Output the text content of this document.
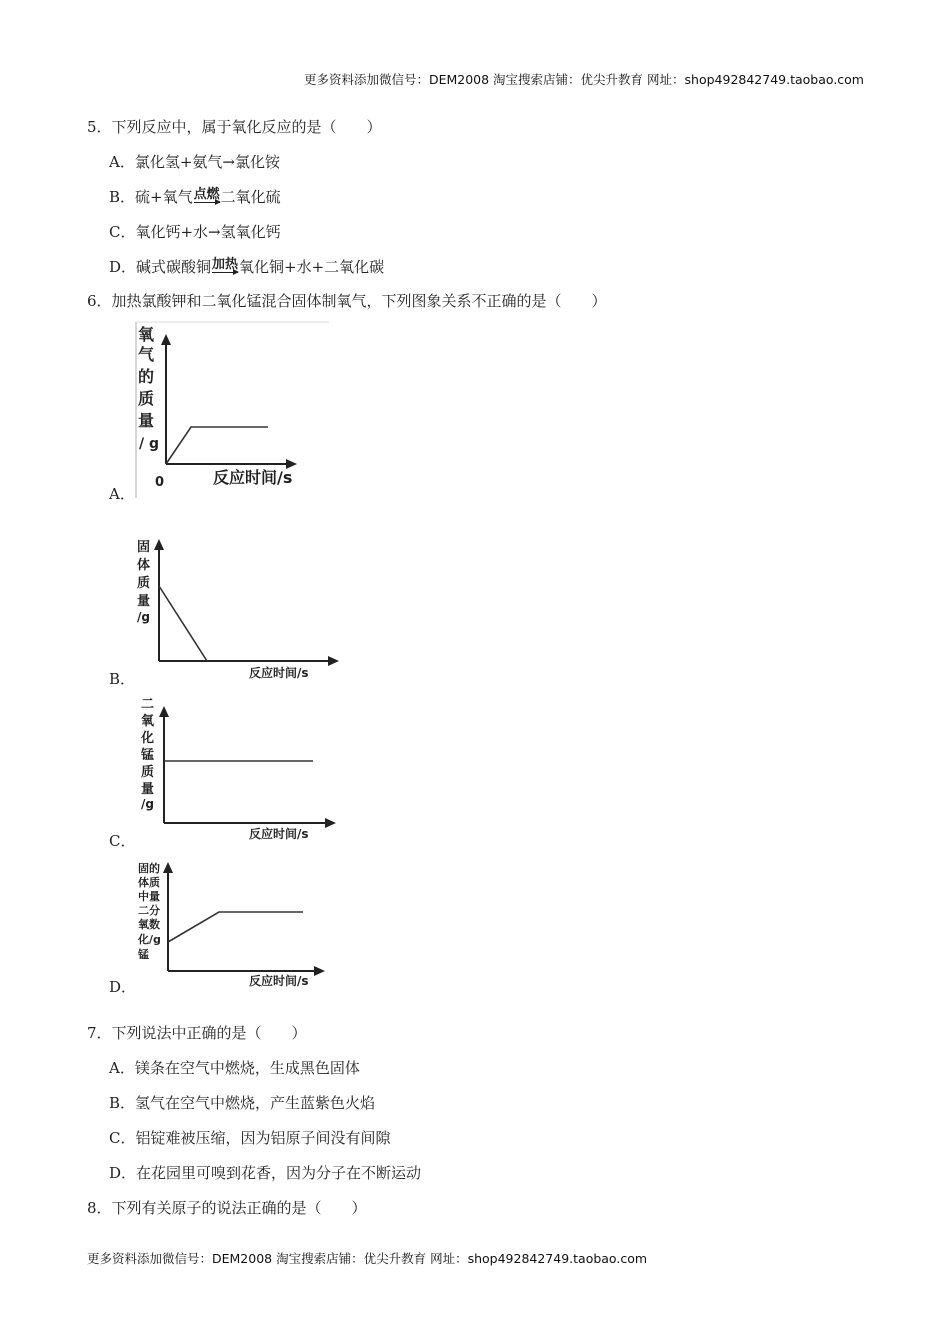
更多资料添加微信号：DEM2008 淘宝搜索店铺：优尖升教育 网址：shop492842749.taobao.com
5．下列反应中，属于氧化反应的是（　　）
A．氯化氢+氨气→氯化铵
B．硫+氧气 点燃 二氧化硫
C．氧化钙+水→氢氧化钙
D．碱式碳酸铜 加热 氧化铜+水+二氧化碳
6．加热氯酸钾和二氧化锰混合固体制氧气，下列图象关系不正确的是（　　）
A．
氧
气
的
质
量
/ g
0	反应时间/s
B．
固
体
质
量
/g
反应时间/s
C．
二
氧
化
锰
质
量
/g
反应时间/s
D．
固的
体质
中量
二分
氧数
化/g
锰
反应时间/s
7．下列说法中正确的是（　　）
A．镁条在空气中燃烧，生成黑色固体
B．氢气在空气中燃烧，产生蓝紫色火焰
C．铝锭难被压缩，因为铝原子间没有间隙
D．在花园里可嗅到花香，因为分子在不断运动
8．下列有关原子的说法正确的是（　　）
更多资料添加微信号：DEM2008 淘宝搜索店铺：优尖升教育 网址：shop492842749.taobao.com
